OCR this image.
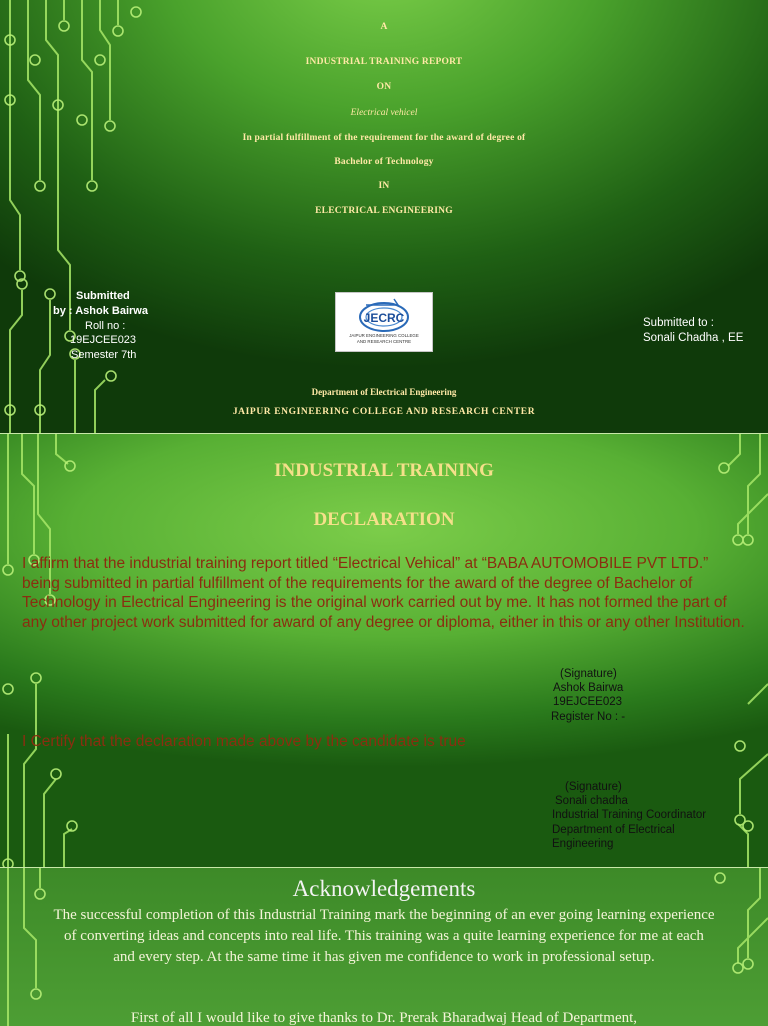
A
INDUSTRIAL TRAINING REPORT
ON
Electrical vehicel
In partial fulfillment of the requirement for the award of degree of
Bachelor of Technology
IN
ELECTRICAL ENGINEERING
Submitted
by : Ashok Bairwa
Roll no :
19EJCEE023
Semester 7th
JECRC
JAIPUR ENGINEERING COLLEGE
AND RESEARCH CENTRE
Submitted to :
Sonali Chadha , EE
Department of Electrical Engineering
JAIPUR ENGINEERING COLLEGE AND RESEARCH CENTER
INDUSTRIAL TRAINING
DECLARATION
I affirm that the industrial training report titled “Electrical Vehical” at “BABA AUTOMOBILE PVT LTD.” being submitted in partial fulfillment of the requirements for the award of the degree of Bachelor of Technology in Electrical Engineering is the original work carried out by me. It has not formed the part of any other project work submitted for award of any degree or diploma, either in this or any other Institution.
(Signature)
Ashok Bairwa
19EJCEE023
Register No : -
I Certify that the declaration made above by the candidate is true
(Signature)
Sonali chadha
Industrial Training Coordinator
Department of Electrical
Engineering
Acknowledgements
The successful completion of this Industrial Training mark the beginning of an ever going learning experience of converting ideas and concepts into real life. This training was a quite learning experience for me at each and every step. At the same time it has given me confidence to work in professional setup.
First of all I would like to give thanks to Dr. Prerak Bharadwaj Head of Department,
